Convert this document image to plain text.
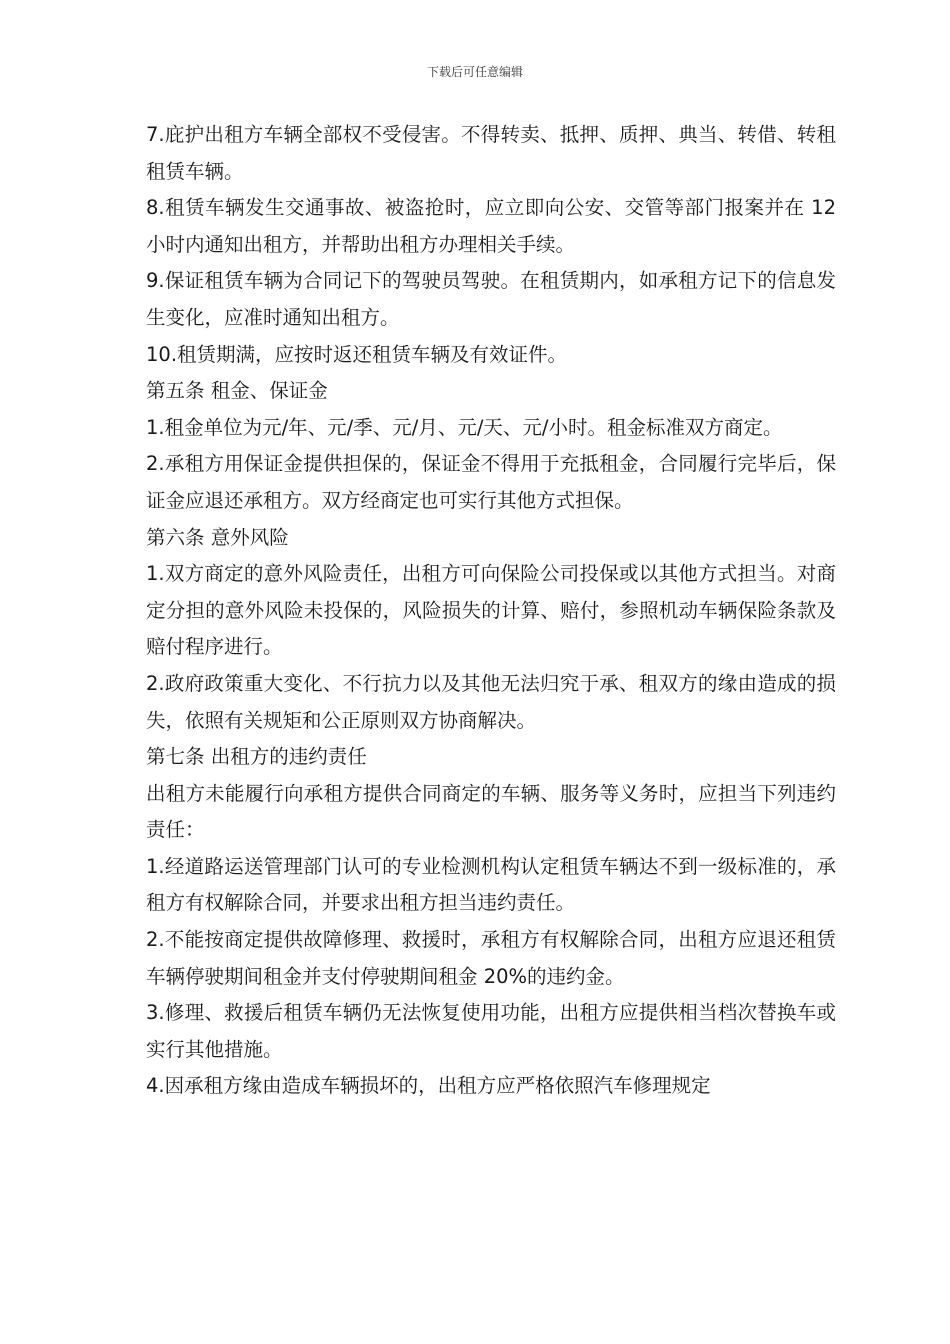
下载后可任意编辑

7.庇护出租方车辆全部权不受侵害。不得转卖、抵押、质押、典当、转借、转租租赁车辆。

8.租赁车辆发生交通事故、被盗抢时，应立即向公安、交管等部门报案并在 12 小时内通知出租方，并帮助出租方办理相关手续。

9.保证租赁车辆为合同记下的驾驶员驾驶。在租赁期内，如承租方记下的信息发生变化，应准时通知出租方。

10.租赁期满，应按时返还租赁车辆及有效证件。

第五条 租金、保证金

1.租金单位为元/年、元/季、元/月、元/天、元/小时。租金标准双方商定。

2.承租方用保证金提供担保的，保证金不得用于充抵租金，合同履行完毕后，保证金应退还承租方。双方经商定也可实行其他方式担保。

第六条 意外风险

1.双方商定的意外风险责任，出租方可向保险公司投保或以其他方式担当。对商定分担的意外风险未投保的，风险损失的计算、赔付，参照机动车辆保险条款及赔付程序进行。

2.政府政策重大变化、不行抗力以及其他无法归究于承、租双方的缘由造成的损失，依照有关规矩和公正原则双方协商解决。

第七条 出租方的违约责任

出租方未能履行向承租方提供合同商定的车辆、服务等义务时，应担当下列违约责任：

1.经道路运送管理部门认可的专业检测机构认定租赁车辆达不到一级标准的，承租方有权解除合同，并要求出租方担当违约责任。

2.不能按商定提供故障修理、救援时，承租方有权解除合同，出租方应退还租赁车辆停驶期间租金并支付停驶期间租金 20%的违约金。

3.修理、救援后租赁车辆仍无法恢复使用功能，出租方应提供相当档次替换车或实行其他措施。

4.因承租方缘由造成车辆损坏的，出租方应严格依照汽车修理规定
